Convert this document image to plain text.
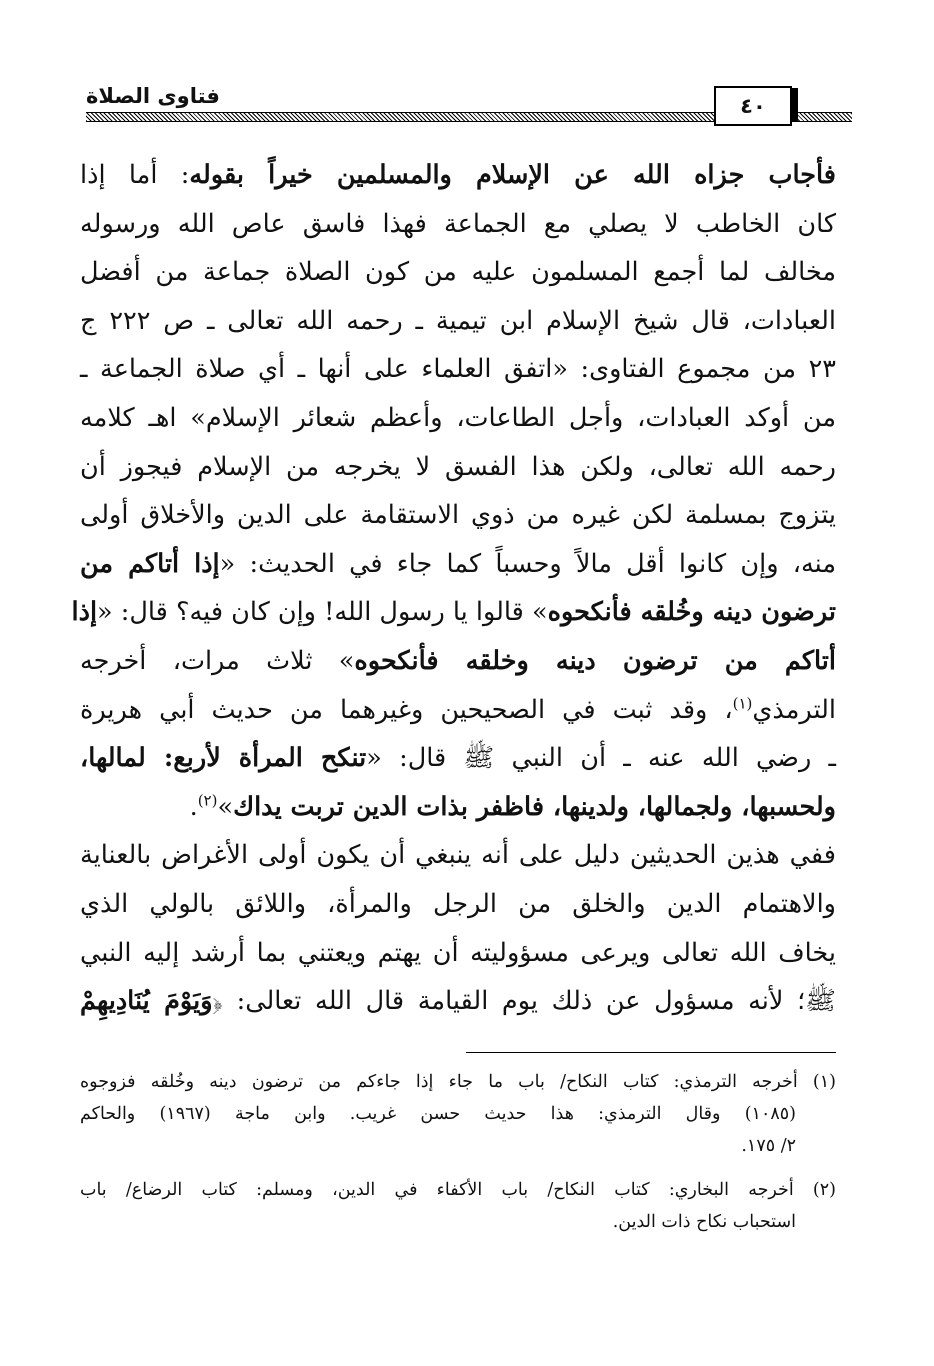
فتاوى الصلاة	٤٠
فأجاب جزاه الله عن الإسلام والمسلمين خيراً بقوله: أما إذا
كان الخاطب لا يصلي مع الجماعة فهذا فاسق عاص الله ورسوله
مخالف لما أجمع المسلمون عليه من كون الصلاة جماعة من أفضل
العبادات، قال شيخ الإسلام ابن تيمية ـ رحمه الله تعالى ـ ص ٢٢٢ ج
٢٣ من مجموع الفتاوى: «اتفق العلماء على أنها ـ أي صلاة الجماعة ـ
من أوكد العبادات، وأجل الطاعات، وأعظم شعائر الإسلام» اهـ كلامه
رحمه الله تعالى، ولكن هذا الفسق لا يخرجه من الإسلام فيجوز أن
يتزوج بمسلمة لكن غيره من ذوي الاستقامة على الدين والأخلاق أولى
منه، وإن كانوا أقل مالاً وحسباً كما جاء في الحديث: «إذا أتاكم من
ترضون دينه وخُلقه فأنكحوه» قالوا يا رسول الله! وإن كان فيه؟ قال: «إذا
أتاكم من ترضون دينه وخلقه فأنكحوه» ثلاث مرات، أخرجه
الترمذي$^{(١)}$، وقد ثبت في الصحيحين وغيرهما من حديث أبي هريرة
ـ رضي الله عنه ـ أن النبي ﷺ قال: «تنكح المرأة لأربع: لمالها،
ولحسبها، ولجمالها، ولدينها، فاظفر بذات الدين تربت يداك»$^{(٢)}$.
ففي هذين الحديثين دليل على أنه ينبغي أن يكون أولى الأغراض بالعناية
والاهتمام الدين والخلق من الرجل والمرأة، واللائق بالولي الذي
يخاف الله تعالى ويرعى مسؤوليته أن يهتم ويعتني بما أرشد إليه النبي
ﷺ؛ لأنه مسؤول عن ذلك يوم القيامة قال الله تعالى: ﴿وَيَوْمَ يُنَادِيهِمْ
(١) أخرجه الترمذي: كتاب النكاح/ باب ما جاء إذا جاءكم من ترضون دينه وخُلقه فزوجوه
(١٠٨٥) وقال الترمذي: هذا حديث حسن غريب. وابن ماجة (١٩٦٧) والحاكم
٢/ ١٧٥.
(٢) أخرجه البخاري: كتاب النكاح/ باب الأكفاء في الدين، ومسلم: كتاب الرضاع/ باب
استحباب نكاح ذات الدين.
